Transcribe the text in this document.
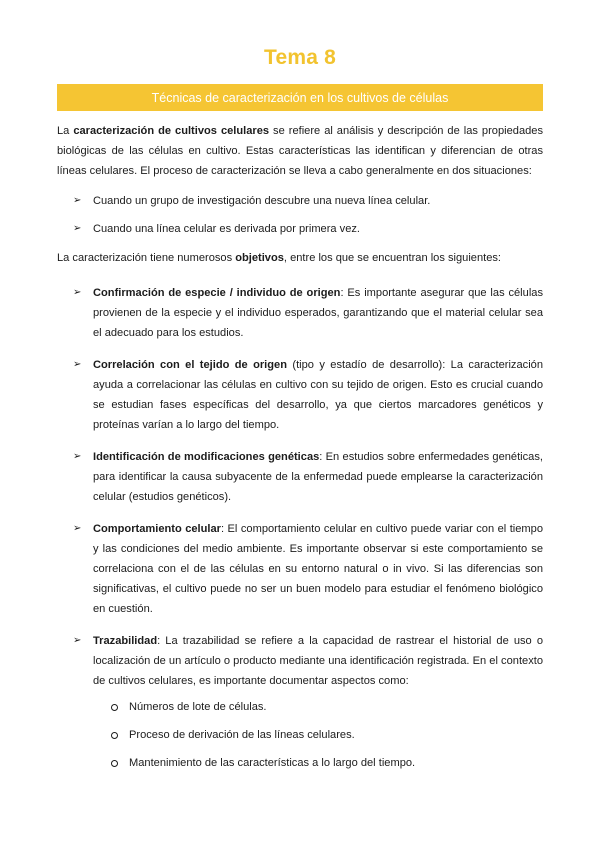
Tema 8
Técnicas de caracterización en los cultivos de células

La caracterización de cultivos celulares se refiere al análisis y descripción de las propiedades biológicas de las células en cultivo. Estas características las identifican y diferencian de otras líneas celulares. El proceso de caracterización se lleva a cabo generalmente en dos situaciones:

➢ Cuando un grupo de investigación descubre una nueva línea celular.
➢ Cuando una línea celular es derivada por primera vez.

La caracterización tiene numerosos objetivos, entre los que se encuentran los siguientes:

➢ Confirmación de especie / individuo de origen: Es importante asegurar que las células provienen de la especie y el individuo esperados, garantizando que el material celular sea el adecuado para los estudios.
➢ Correlación con el tejido de origen (tipo y estadío de desarrollo): La caracterización ayuda a correlacionar las células en cultivo con su tejido de origen. Esto es crucial cuando se estudian fases específicas del desarrollo, ya que ciertos marcadores genéticos y proteínas varían a lo largo del tiempo.
➢ Identificación de modificaciones genéticas: En estudios sobre enfermedades genéticas, para identificar la causa subyacente de la enfermedad puede emplearse la caracterización celular (estudios genéticos).
➢ Comportamiento celular: El comportamiento celular en cultivo puede variar con el tiempo y las condiciones del medio ambiente. Es importante observar si este comportamiento se correlaciona con el de las células en su entorno natural o in vivo. Si las diferencias son significativas, el cultivo puede no ser un buen modelo para estudiar el fenómeno biológico en cuestión.
➢ Trazabilidad: La trazabilidad se refiere a la capacidad de rastrear el historial de uso o localización de un artículo o producto mediante una identificación registrada. En el contexto de cultivos celulares, es importante documentar aspectos como:
Números de lote de células.
Proceso de derivación de las líneas celulares.
Mantenimiento de las características a lo largo del tiempo.
